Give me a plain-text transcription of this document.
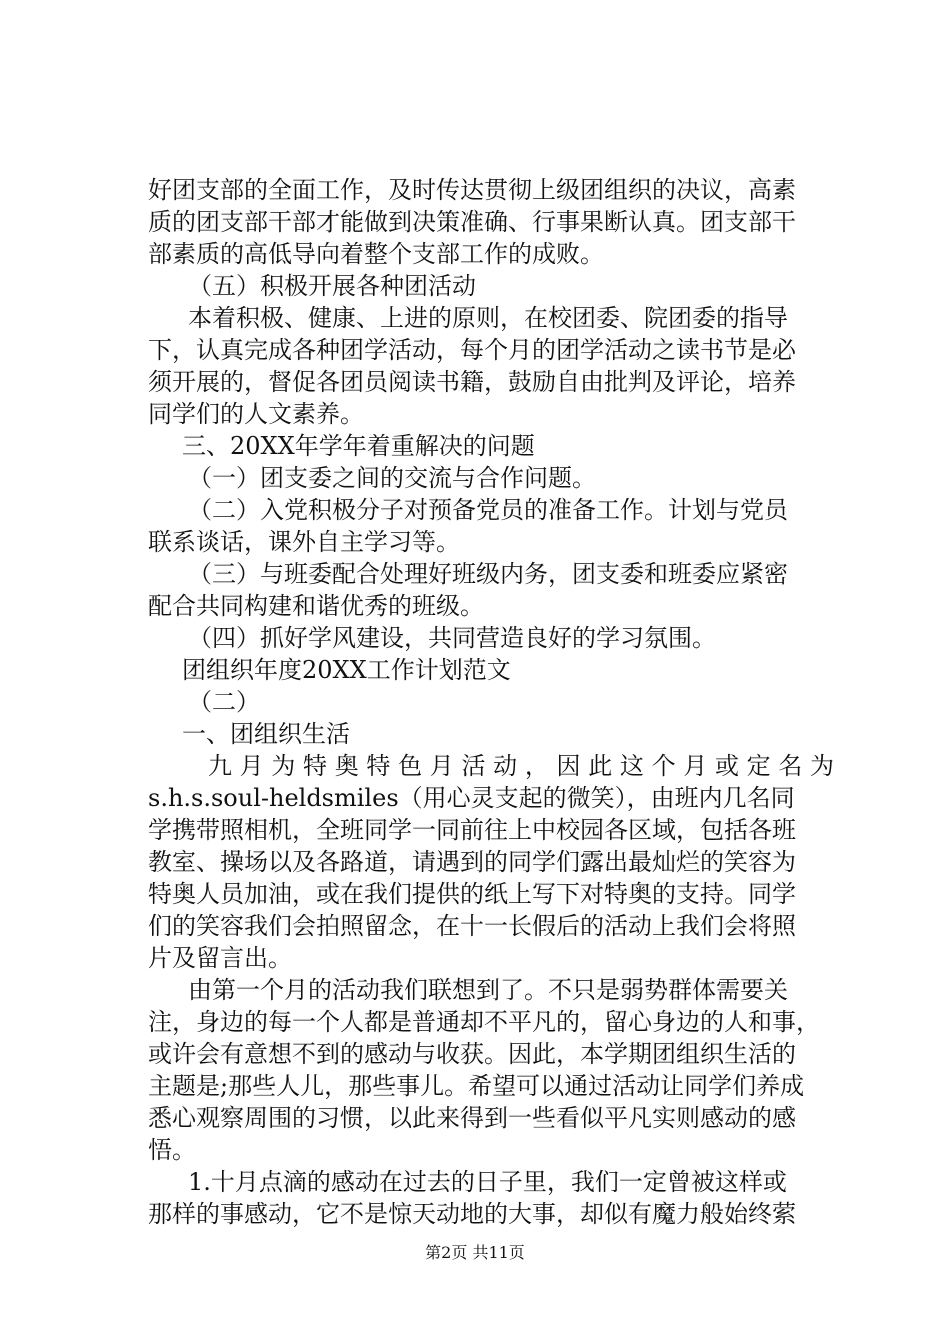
好团支部的全面工作，及时传达贯彻上级团组织的决议，高素
质的团支部干部才能做到决策准确、行事果断认真。团支部干
部素质的高低导向着整个支部工作的成败。
（五）积极开展各种团活动
本着积极、健康、上进的原则，在校团委、院团委的指导
下，认真完成各种团学活动，每个月的团学活动之读书节是必
须开展的，督促各团员阅读书籍，鼓励自由批判及评论，培养
同学们的人文素养。
三、20XX年学年着重解决的问题
（一）团支委之间的交流与合作问题。
（二）入党积极分子对预备党员的准备工作。计划与党员
联系谈话，课外自主学习等。
（三）与班委配合处理好班级内务，团支委和班委应紧密
配合共同构建和谐优秀的班级。
（四）抓好学风建设，共同营造良好的学习氛围。
团组织年度20XX工作计划范文
（二）
一、团组织生活
九月为特奥特色月活动，因此这个月或定名为
s.h.s.soul-heldsmiles（用心灵支起的微笑），由班内几名同
学携带照相机，全班同学一同前往上中校园各区域，包括各班
教室、操场以及各路道，请遇到的同学们露出最灿烂的笑容为
特奥人员加油，或在我们提供的纸上写下对特奥的支持。同学
们的笑容我们会拍照留念，在十一长假后的活动上我们会将照
片及留言出。
由第一个月的活动我们联想到了。不只是弱势群体需要关
注，身边的每一个人都是普通却不平凡的，留心身边的人和事，
或许会有意想不到的感动与收获。因此，本学期团组织生活的
主题是;那些人儿，那些事儿。希望可以通过活动让同学们养成
悉心观察周围的习惯，以此来得到一些看似平凡实则感动的感
悟。
1.十月点滴的感动在过去的日子里，我们一定曾被这样或
那样的事感动，它不是惊天动地的大事，却似有魔力般始终萦
第2页 共11页
